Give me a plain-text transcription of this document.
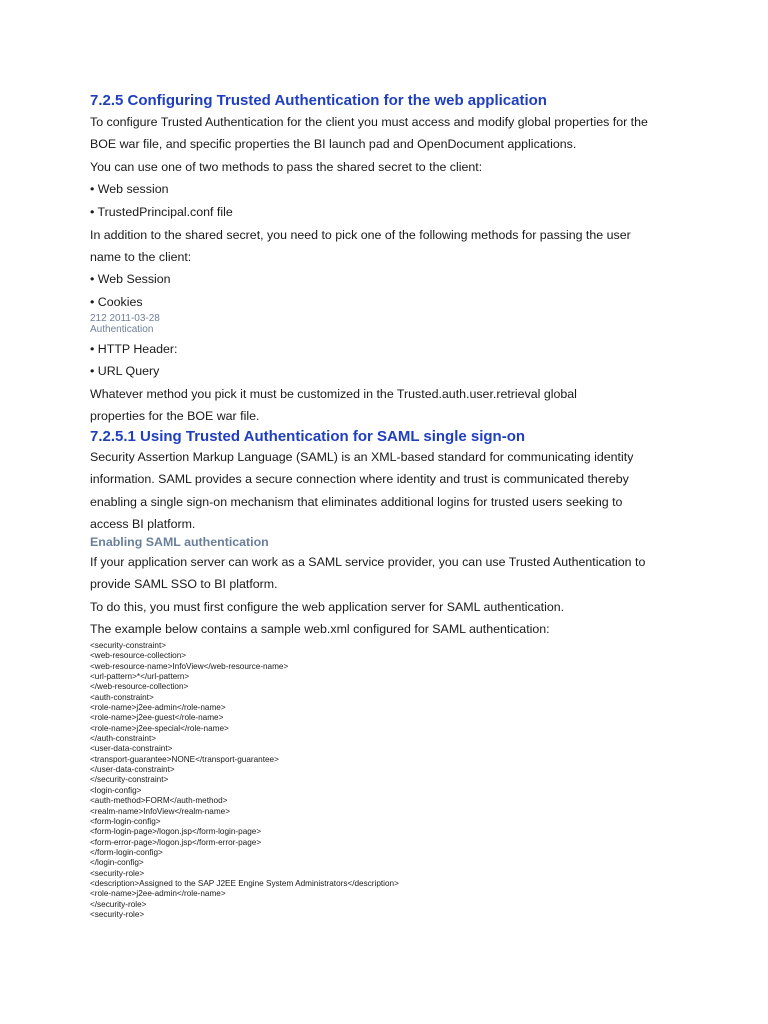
7.2.5 Configuring Trusted Authentication for the web application
To configure Trusted Authentication for the client you must access and modify global properties for the
BOE war file, and specific properties the BI launch pad and OpenDocument applications.
You can use one of two methods to pass the shared secret to the client:
• Web session
• TrustedPrincipal.conf file
In addition to the shared secret, you need to pick one of the following methods for passing the user
name to the client:
• Web Session
• Cookies
212 2011-03-28
Authentication
• HTTP Header:
• URL Query
Whatever method you pick it must be customized in the Trusted.auth.user.retrieval global
properties for the BOE war file.
7.2.5.1 Using Trusted Authentication for SAML single sign-on
Security Assertion Markup Language (SAML) is an XML-based standard for communicating identity
information. SAML provides a secure connection where identity and trust is communicated thereby
enabling a single sign-on mechanism that eliminates additional logins for trusted users seeking to
access BI platform.
Enabling SAML authentication
If your application server can work as a SAML service provider, you can use Trusted Authentication to
provide SAML SSO to BI platform.
To do this, you must first configure the web application server for SAML authentication.
The example below contains a sample web.xml configured for SAML authentication:
<security-constraint>
<web-resource-collection>
<web-resource-name>InfoView</web-resource-name>
<url-pattern>*</url-pattern>
</web-resource-collection>
<auth-constraint>
<role-name>j2ee-admin</role-name>
<role-name>j2ee-guest</role-name>
<role-name>j2ee-special</role-name>
</auth-constraint>
<user-data-constraint>
<transport-guarantee>NONE</transport-guarantee>
</user-data-constraint>
</security-constraint>
<login-config>
<auth-method>FORM</auth-method>
<realm-name>InfoView</realm-name>
<form-login-config>
<form-login-page>/logon.jsp</form-login-page>
<form-error-page>/logon.jsp</form-error-page>
</form-login-config>
</login-config>
<security-role>
<description>Assigned to the SAP J2EE Engine System Administrators</description>
<role-name>j2ee-admin</role-name>
</security-role>
<security-role>
